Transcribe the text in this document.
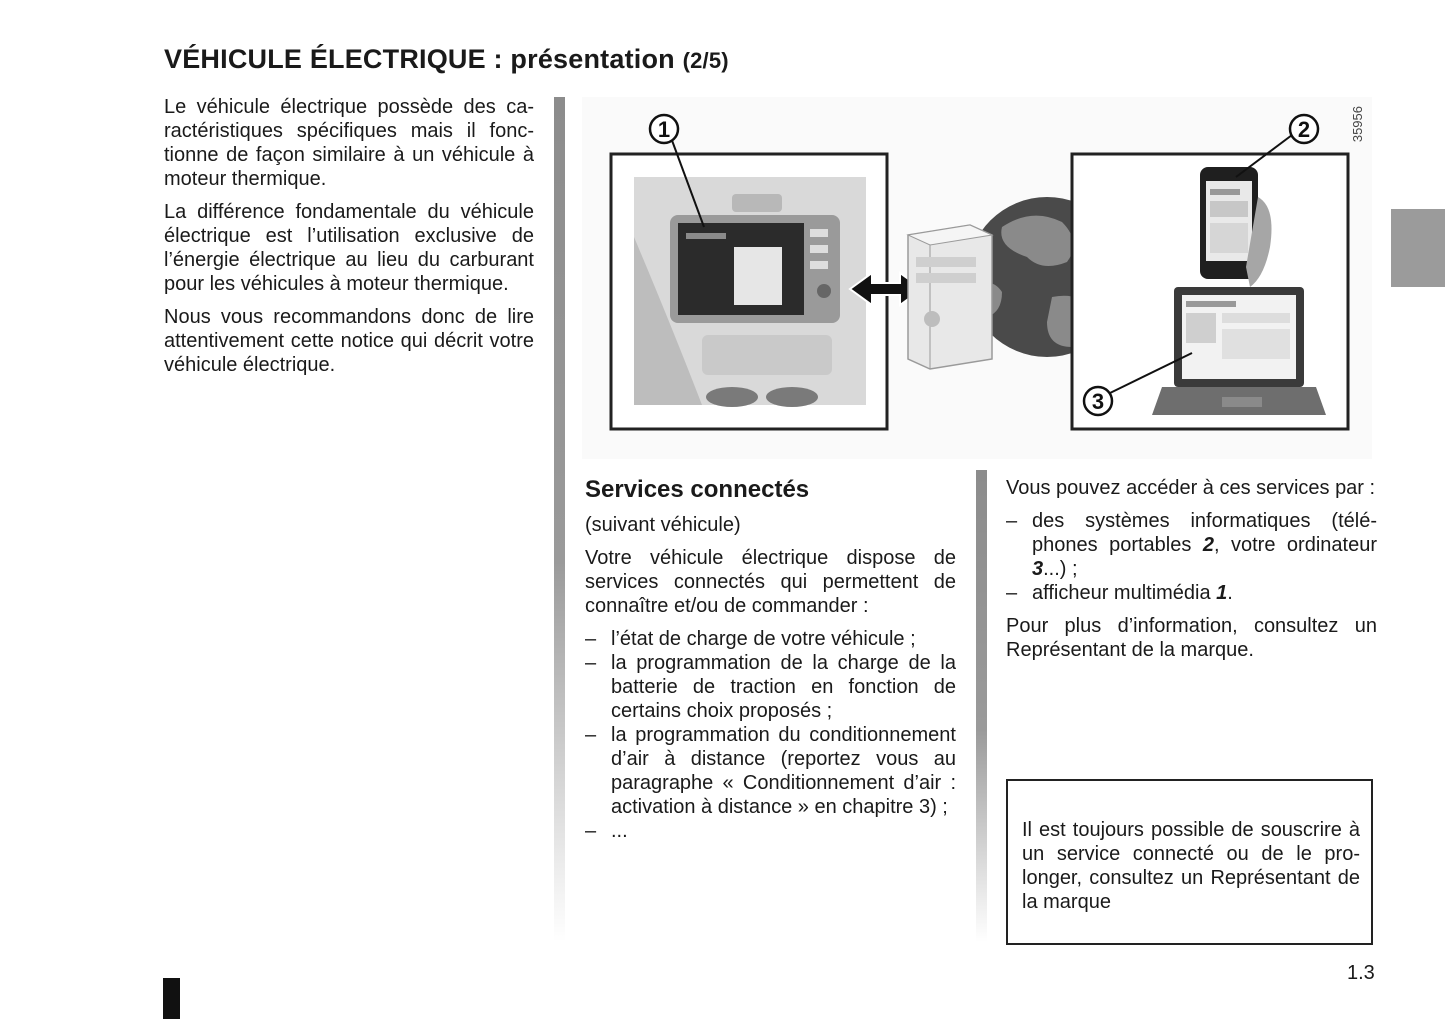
VÉHICULE ÉLECTRIQUE : présentation (2/5)

Le véhicule électrique possède des caractéristiques spécifiques mais il fonctionne de façon similaire à un véhicule à moteur thermique.

La différence fondamentale du véhicule électrique est l’utilisation exclusive de l’énergie électrique au lieu du carburant pour les véhicules à moteur thermique.

Nous vous recommandons donc de lire attentivement cette notice qui décrit votre véhicule électrique.

1	2
3
35956

Services connectés

(suivant véhicule)

Votre véhicule électrique dispose de services connectés qui permettent de connaître et/ou de commander :

– l’état de charge de votre véhicule ;
– la programmation de la charge de la batterie de traction en fonction de certains choix proposés ;
– la programmation du conditionnement d’air à distance (reportez vous au paragraphe « Conditionnement d’air : activation à distance » en chapitre 3) ;
– ...

Vous pouvez accéder à ces services par :

– des systèmes informatiques (téléphones portables 2, votre ordinateur 3...) ;
– afficheur multimédia 1.

Pour plus d’information, consultez un Représentant de la marque.

Il est toujours possible de souscrire à un service connecté ou de le prolonger, consultez un Représentant de la marque
1.3
